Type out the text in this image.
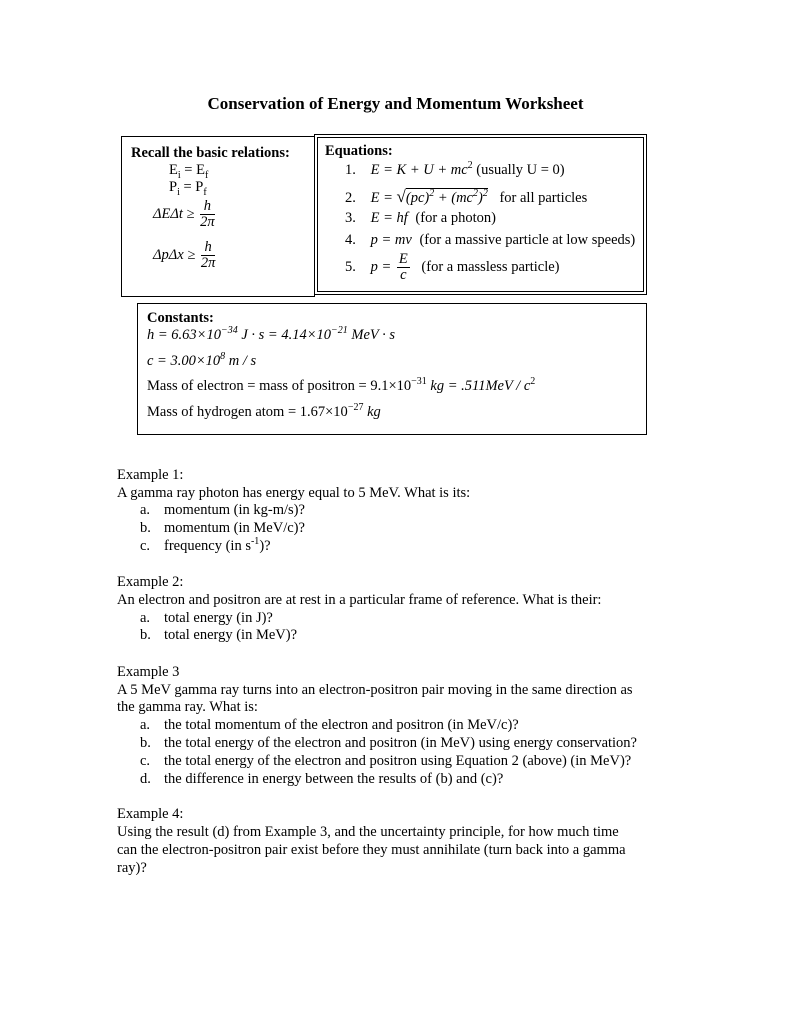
Conservation of Energy and Momentum Worksheet
Recall the basic relations:
$E_i = E_f$
$P_i = P_f$
$\Delta E\Delta t \ge \frac{h}{2\pi}$
$\Delta p\Delta x \ge \frac{h}{2\pi}$
Equations:
1. $E = K + U + mc^2$ (usually U = 0)
2. $E = √(pc)^2 + (mc^2)^2$ for all particles
3. E = hf (for a photon)
4. p = mv (for a massive particle at low speeds)
5. $p = \frac{E}{c} (for$ a massless particle)
Constants:
$h = 6.63\times 10^{-34}$ $J \cdot s = 4.14\times 10^{-21}$ MeV · s
$c = 3.00\times 10^8$ m / s
Mass of electron = mass of positron = $9.1\times 10^{-31}$ kg = $.511MeV / c^2$
Mass of hydrogen atom = $1.67\times 10^{-27}$ kg
Example 1:
A gamma ray photon has energy equal to 5 MeV. What is its:
a. momentum (in kg-m/s)?
b. momentum (in MeV/c)?
c. frequency (in $s^{-1}$)?
Example 2:
An electron and positron are at rest in a particular frame of reference. What is their:
a. total energy (in J)?
b. total energy (in MeV)?
Example 3
A 5 MeV gamma ray turns into an electron-positron pair moving in the same direction as
the gamma ray. What is:
a. the total momentum of the electron and positron (in MeV/c)?
b. the total energy of the electron and positron (in MeV) using energy conservation?
c. the total energy of the electron and positron using Equation 2 (above) (in MeV)?
d. the difference in energy between the results of (b) and (c)?
Example 4:
Using the result (d) from Example 3, and the uncertainty principle, for how much time
can the electron-positron pair exist before they must annihilate (turn back into a gamma
ray)?
